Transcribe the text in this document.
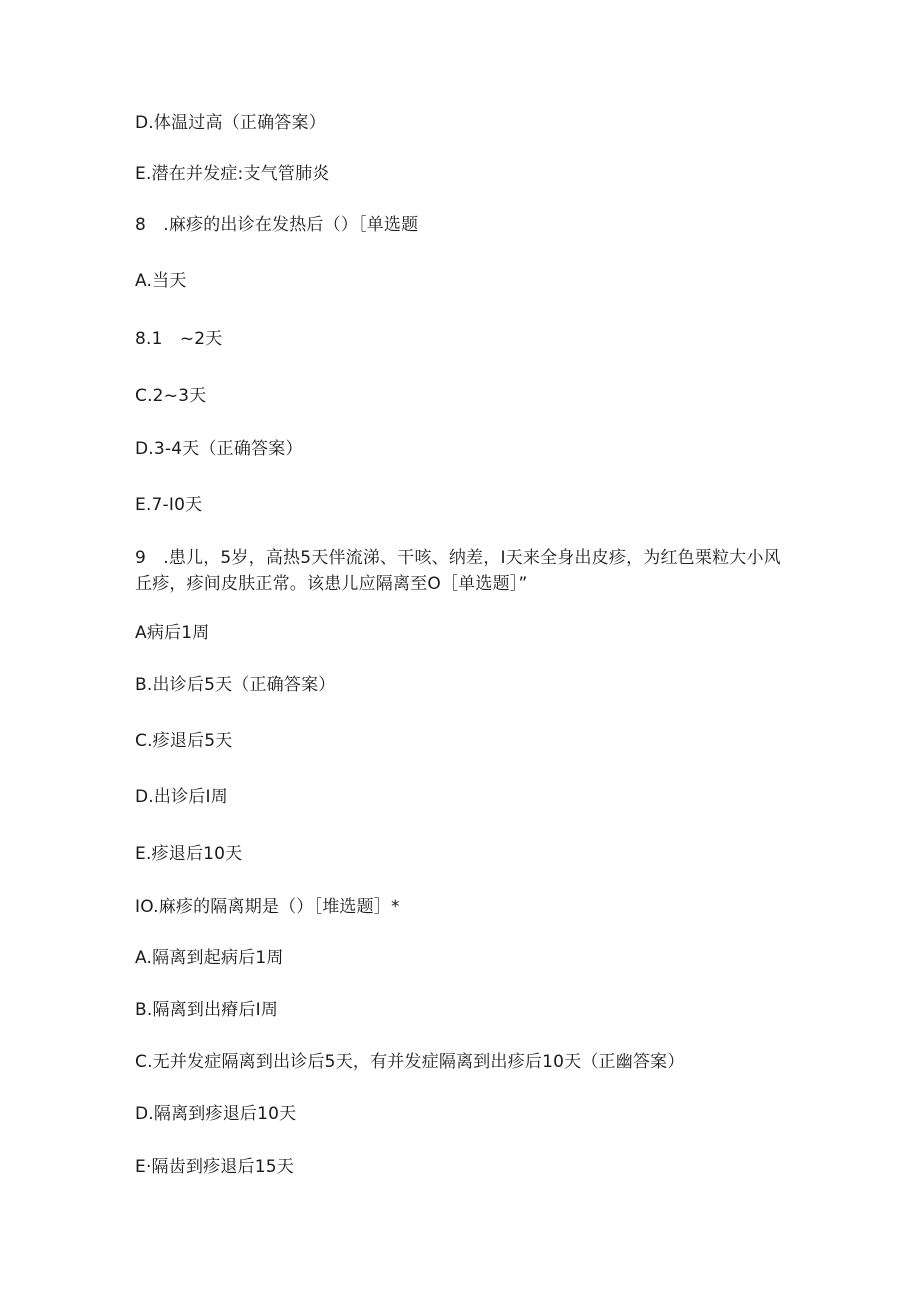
D.体温过高（正确答案）
E.潜在并发症:支气管肺炎
8　.麻疹的出诊在发热后（）［单选题
A.当天
8.1　~2天
C.2~3天
D.3-4天（正确答案）
E.7-I0天
9　.患儿，5岁，高热5天伴流涕、干咳、纳差，I天来全身出皮疹，为红色栗粒大小风丘疹，疹间皮肤正常。该患儿应隔离至O［单选题］”
A病后1周
B.出诊后5天（正确答案）
C.疹退后5天
D.出诊后I周
E.疹退后10天
IO.麻疹的隔离期是（）［堆选题］*
A.隔离到起病后1周
B.隔离到出瘠后I周
C.无并发症隔离到出诊后5天，有并发症隔离到出疹后10天（正幽答案）
D.隔离到疹退后10天
E·隔齿到疹退后15天
